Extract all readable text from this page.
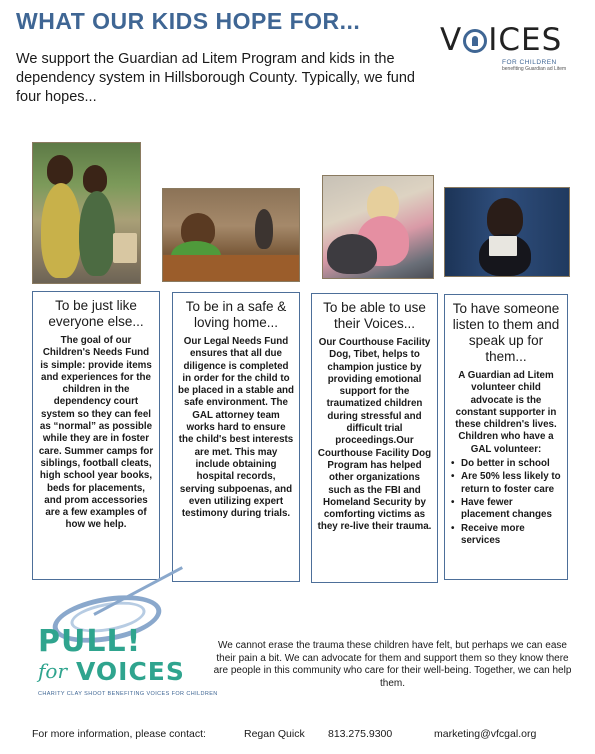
WHAT OUR KIDS HOPE FOR...
We support the Guardian ad Litem Program and kids in the dependency system in Hillsborough County. Typically, we fund four hopes...
V ICES
FOR CHILDREN
benefiting Guardian ad Litem
To be just like everyone else...
The goal of our Children's Needs Fund is simple: provide items and experiences for the children in the dependency court system so they can feel as “normal” as possible while they are in foster care. Summer camps for siblings, football cleats, high school year books, beds for placements, and prom accessories are a few examples of how we help.
To be in a safe & loving home...
Our Legal Needs Fund ensures that all due diligence is completed in order for the child to be placed in a stable and safe environment. The GAL attorney team works hard to ensure the child's best interests are met. This may include obtaining hospital records, serving subpoenas, and even utilizing expert testimony during trials.
To be able to use their Voices...
Our Courthouse Facility Dog, Tibet, helps to champion justice by providing emotional support for the traumatized children during stressful and difficult trial proceedings.Our Courthouse Facility Dog Program has helped other organizations such as the FBI and Homeland Security by comforting victims as they re-live their trauma.
To have someone listen to them and speak up for them...
A Guardian ad Litem volunteer child advocate is the constant supporter in these children's lives. Children who have a GAL volunteer:
• Do better in school
• Are 50% less likely to return to foster care
• Have fewer placement changes
• Receive more services
PULL!
for VOICES
CHARITY CLAY SHOOT BENEFITING VOICES FOR CHILDREN
We cannot erase the trauma these children have felt, but perhaps we can ease their pain a bit. We can advocate for them and support them so they know there are people in this community who care for their well-being. Together, we can help them.
For more information, please contact:	Regan Quick 813.275.9300	marketing@vfcgal.org
